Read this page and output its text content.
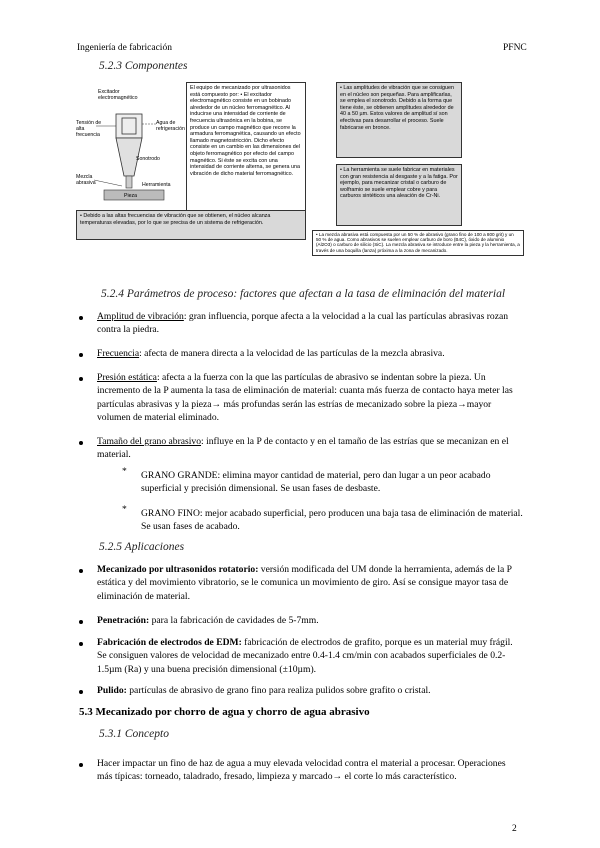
Ingeniería de fabricación	PFNC
5.2.3 Componentes
Excitador electromagnético
Tensión de alta frecuencia
Agua de refrigeración
Sonotrodo
Mezcla abrasiva	Herramienta
Pieza
El equipo de mecanizado por ultrasonidos está compuesto por: • El excitador electromagnético consiste en un bobinado alrededor de un núcleo ferromagnético. Al inducirse una intensidad de corriente de frecuencia ultrasónica en la bobina, se produce un campo magnético que recorre la armadura ferromagnética, causando un efecto llamado magnetostricción. Dicho efecto consiste en un cambio en las dimensiones del objeto ferromagnético por efecto del campo magnético. Si éste se excita con una intensidad de corriente alterna, se genera una vibración de dicho material ferromagnético.
• Las amplitudes de vibración que se consiguen en el núcleo son pequeñas. Para amplificarlas, se emplea el sonotrodo. Debido a la forma que tiene éste, se obtienen amplitudes alrededor de 40 a 50 µm. Estos valores de amplitud sí son efectivas para desarrollar el proceso. Suele fabricarse en bronce.
• La herramienta se suele fabricar en materiales con gran resistencia al desgaste y a la fatiga. Por ejemplo, para mecanizar cristal o carburo de wolframio se suele emplear cobre y para carburos sintéticos una aleación de Cr-Ni.
• Debido a las altas frecuencias de vibración que se obtienen, el núcleo alcanza temperaturas elevadas, por lo que se precisa de un sistema de refrigeración.
• La mezcla abrasiva está compuesta por un 50 % de abrasivo (grano fino de 100 a 800 grit) y un 50 % de agua. Como abrasivos se suelen emplear carburo de boro (B4C), óxido de aluminio (Al2O3) o carburo de silicio (SiC). La mezcla abrasiva se introduce entre la pieza y la herramienta, a través de una boquilla (lanza) próxima a la zona de mecanizado.
5.2.4 Parámetros de proceso: factores que afectan a la tasa de eliminación del material
Amplitud de vibración: gran influencia, porque afecta a la velocidad a la cual las partículas abrasivas rozan contra la piedra.
Frecuencia: afecta de manera directa a la velocidad de las partículas de la mezcla abrasiva.
Presión estática: afecta a la fuerza con la que las partículas de abrasivo se indentan sobre la pieza. Un incremento de la P aumenta la tasa de eliminación de material: cuanta más fuerza de contacto haya meter las partículas abrasivas y la pieza→ más profundas serán las estrías de mecanizado sobre la pieza→mayor volumen de material eliminado.
Tamaño del grano abrasivo: influye en la P de contacto y en el tamaño de las estrías que se mecanizan en el material.
* GRANO GRANDE: elimina mayor cantidad de material, pero dan lugar a un peor acabado superficial y precisión dimensional. Se usan fases de desbaste.
* GRANO FINO: mejor acabado superficial, pero producen una baja tasa de eliminación de material. Se usan fases de acabado.
5.2.5 Aplicaciones
Mecanizado por ultrasonidos rotatorio: versión modificada del UM donde la herramienta, además de la P estática y del movimiento vibratorio, se le comunica un movimiento de giro. Así se consigue mayor tasa de eliminación de material.
Penetración: para la fabricación de cavidades de 5-7mm.
Fabricación de electrodos de EDM: fabricación de electrodos de grafito, porque es un material muy frágil. Se consiguen valores de velocidad de mecanizado entre 0.4-1.4 cm/min con acabados superficiales de 0.2-1.5µm (Ra) y una buena precisión dimensional (±10µm).
Pulido: partículas de abrasivo de grano fino para realiza pulidos sobre grafito o cristal.
5.3 Mecanizado por chorro de agua y chorro de agua abrasivo
5.3.1 Concepto
Hacer impactar un fino de haz de agua a muy elevada velocidad contra el material a procesar. Operaciones más típicas: torneado, taladrado, fresado, limpieza y marcado→ el corte lo más característico.
2
